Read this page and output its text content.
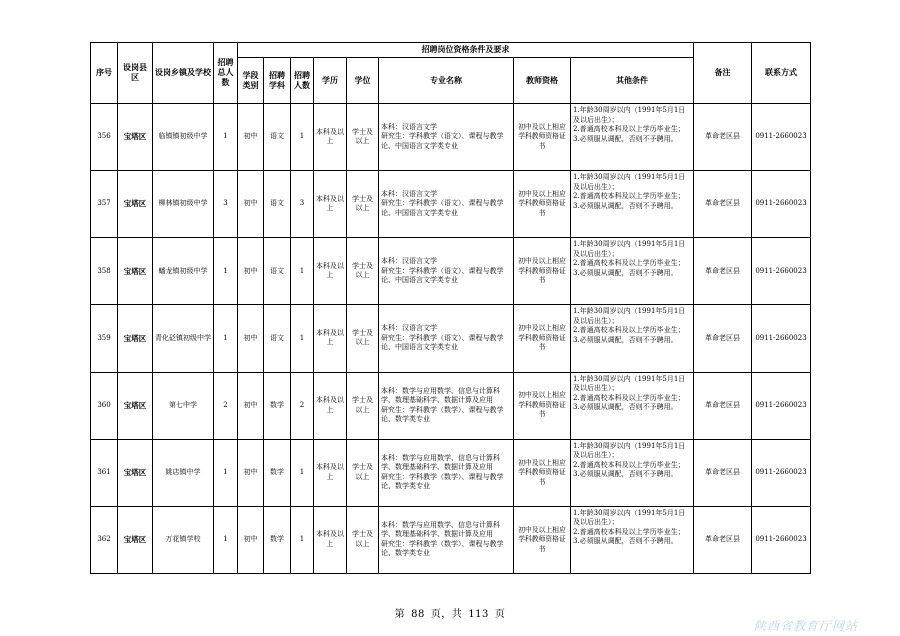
序号	设岗县区	设岗乡镇及学校	招聘总人数	招聘岗位资格条件及要求								备注	联系方式
				学段类别	招聘学科	招聘人数	学历	学位	专业名称	教师资格	其他条件		
356	宝塔区	临镇镇初级中学	1	初中	语文	1	本科及以上	学士及以上	本科：汉语言文学
研究生：学科教学（语文）、课程与教学论、中国语言文学类专业	初中及以上相应学科教师资格证书	1.年龄30周岁以内（1991年5月1日及以后出生）；
2.普通高校本科及以上学历毕业生；
3.必须服从调配，否则不予聘用。	革命老区县	0911-2660023
357	宝塔区	柳林镇初级中学	3	初中	语文	3	本科及以上	学士及以上	本科：汉语言文学
研究生：学科教学（语文）、课程与教学论、中国语言文学类专业	初中及以上相应学科教师资格证书	1.年龄30周岁以内（1991年5月1日及以后出生）；
2.普通高校本科及以上学历毕业生；
3.必须服从调配，否则不予聘用。	革命老区县	0911-2660023
358	宝塔区	蟠龙镇初级中学	1	初中	语文	1	本科及以上	学士及以上	本科：汉语言文学
研究生：学科教学（语文）、课程与教学论、中国语言文学类专业	初中及以上相应学科教师资格证书	1.年龄30周岁以内（1991年5月1日及以后出生）；
2.普通高校本科及以上学历毕业生；
3.必须服从调配，否则不予聘用。	革命老区县	0911-2660023
359	宝塔区	青化砭镇初级中学	1	初中	语文	1	本科及以上	学士及以上	本科：汉语言文学
研究生：学科教学（语文）、课程与教学论、中国语言文学类专业	初中及以上相应学科教师资格证书	1.年龄30周岁以内（1991年5月1日及以后出生）；
2.普通高校本科及以上学历毕业生；
3.必须服从调配，否则不予聘用。	革命老区县	0911-2660023
360	宝塔区	第七中学	2	初中	数学	2	本科及以上	学士及以上	本科：数学与应用数学、信息与计算科学、数理基础科学、数据计算及应用
研究生：学科教学（数学）、课程与教学论、数学类专业	初中及以上相应学科教师资格证书	1.年龄30周岁以内（1991年5月1日及以后出生）；
2.普通高校本科及以上学历毕业生；
3.必须服从调配，否则不予聘用。	革命老区县	0911-2660023
361	宝塔区	姚店镇中学	1	初中	数学	1	本科及以上	学士及以上	本科：数学与应用数学、信息与计算科学、数理基础科学、数据计算及应用
研究生：学科教学（数学）、课程与教学论、数学类专业	初中及以上相应学科教师资格证书	1.年龄30周岁以内（1991年5月1日及以后出生）；
2.普通高校本科及以上学历毕业生；
3.必须服从调配，否则不予聘用。	革命老区县	0911-2660023
362	宝塔区	万花镇学校	1	初中	数学	1	本科及以上	学士及以上	本科：数学与应用数学、信息与计算科学、数理基础科学、数据计算及应用
研究生：学科教学（数学）、课程与教学论、数学类专业	初中及以上相应学科教师资格证书	1.年龄30周岁以内（1991年5月1日及以后出生）；
2.普通高校本科及以上学历毕业生；
3.必须服从调配，否则不予聘用。	革命老区县	0911-2660023
第 88 页，共 113 页
陕西省教育厅网站
